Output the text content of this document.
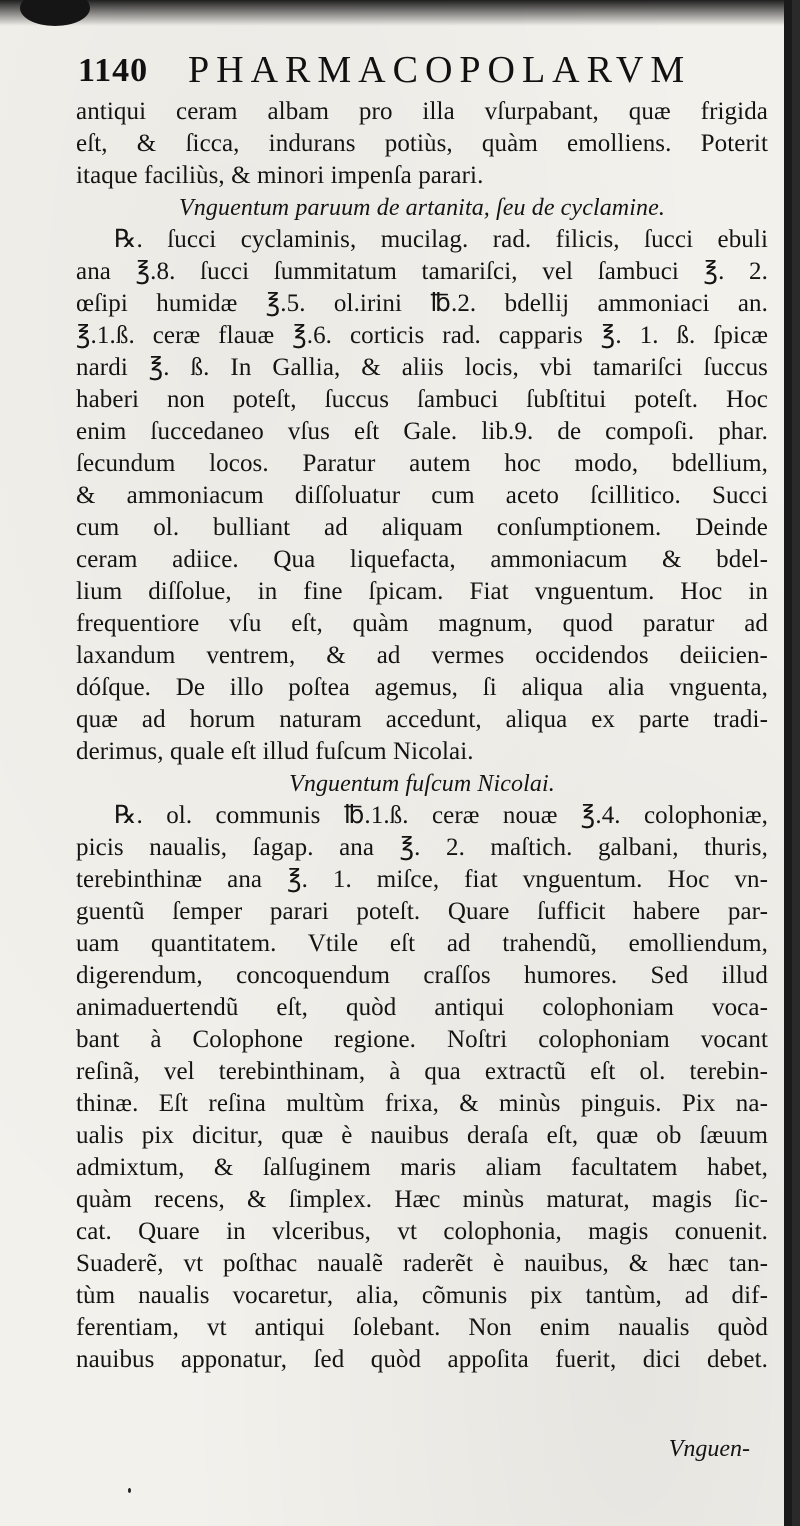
1140 PHARMACOPOLARVM
antiqui ceram albam pro illa vſurpabant, quæ frigida
eſt, & ſicca, indurans potiùs, quàm emolliens. Poterit
itaque faciliùs, & minori impenſa parari.
Vnguentum paruum de artanita, ſeu de cyclamine.
℞. ſucci cyclaminis, mucilag. rad. filicis, ſucci ebuli
ana ℥.8. ſucci ſummitatum tamariſci, vel ſambuci ℥. 2.
œſipi humidæ ℥.5. ol.irini ℔.2. bdellij ammoniaci an.
℥.1.ß. ceræ flauæ ℥.6. corticis rad. capparis ℥. 1. ß. ſpicæ
nardi ℥. ß. In Gallia, & aliis locis, vbi tamariſci ſuccus
haberi non poteſt, ſuccus ſambuci ſubſtitui poteſt. Hoc
enim ſuccedaneo vſus eſt Gale. lib.9. de compoſi. phar.
ſecundum locos. Paratur autem hoc modo, bdellium,
& ammoniacum diſſoluatur cum aceto ſcillitico. Succi
cum ol. bulliant ad aliquam conſumptionem. Deinde
ceram adiice. Qua liquefacta, ammoniacum & bdel-
lium diſſolue, in fine ſpicam. Fiat vnguentum. Hoc in
frequentiore vſu eſt, quàm magnum, quod paratur ad
laxandum ventrem, & ad vermes occidendos deiicien-
dóſque. De illo poſtea agemus, ſi aliqua alia vnguenta,
quæ ad horum naturam accedunt, aliqua ex parte tradi-
derimus, quale eſt illud fuſcum Nicolai.
Vnguentum fuſcum Nicolai.
℞. ol. communis ℔.1.ß. ceræ nouæ ℥.4. colophoniæ,
picis naualis, ſagap. ana ℥. 2. maſtich. galbani, thuris,
terebinthinæ ana ℥. 1. miſce, fiat vnguentum. Hoc vn-
guentũ ſemper parari poteſt. Quare ſufficit habere par-
uam quantitatem. Vtile eſt ad trahendũ, emolliendum,
digerendum, concoquendum craſſos humores. Sed illud
animaduertendũ eſt, quòd antiqui colophoniam voca-
bant à Colophone regione. Noſtri colophoniam vocant
reſinã, vel terebinthinam, à qua extractũ eſt ol. terebin-
thinæ. Eſt reſina multùm frixa, & minùs pinguis. Pix na-
ualis pix dicitur, quæ è nauibus deraſa eſt, quæ ob ſæuum
admixtum, & ſalſuginem maris aliam facultatem habet,
quàm recens, & ſimplex. Hæc minùs maturat, magis ſic-
cat. Quare in vlceribus, vt colophonia, magis conuenit.
Suaderẽ, vt poſthac naualẽ raderẽt è nauibus, & hæc tan-
tùm naualis vocaretur, alia, cõmunis pix tantùm, ad dif-
ferentiam, vt antiqui ſolebant. Non enim naualis quòd
nauibus apponatur, ſed quòd appoſita fuerit, dici debet.
Vnguen-
